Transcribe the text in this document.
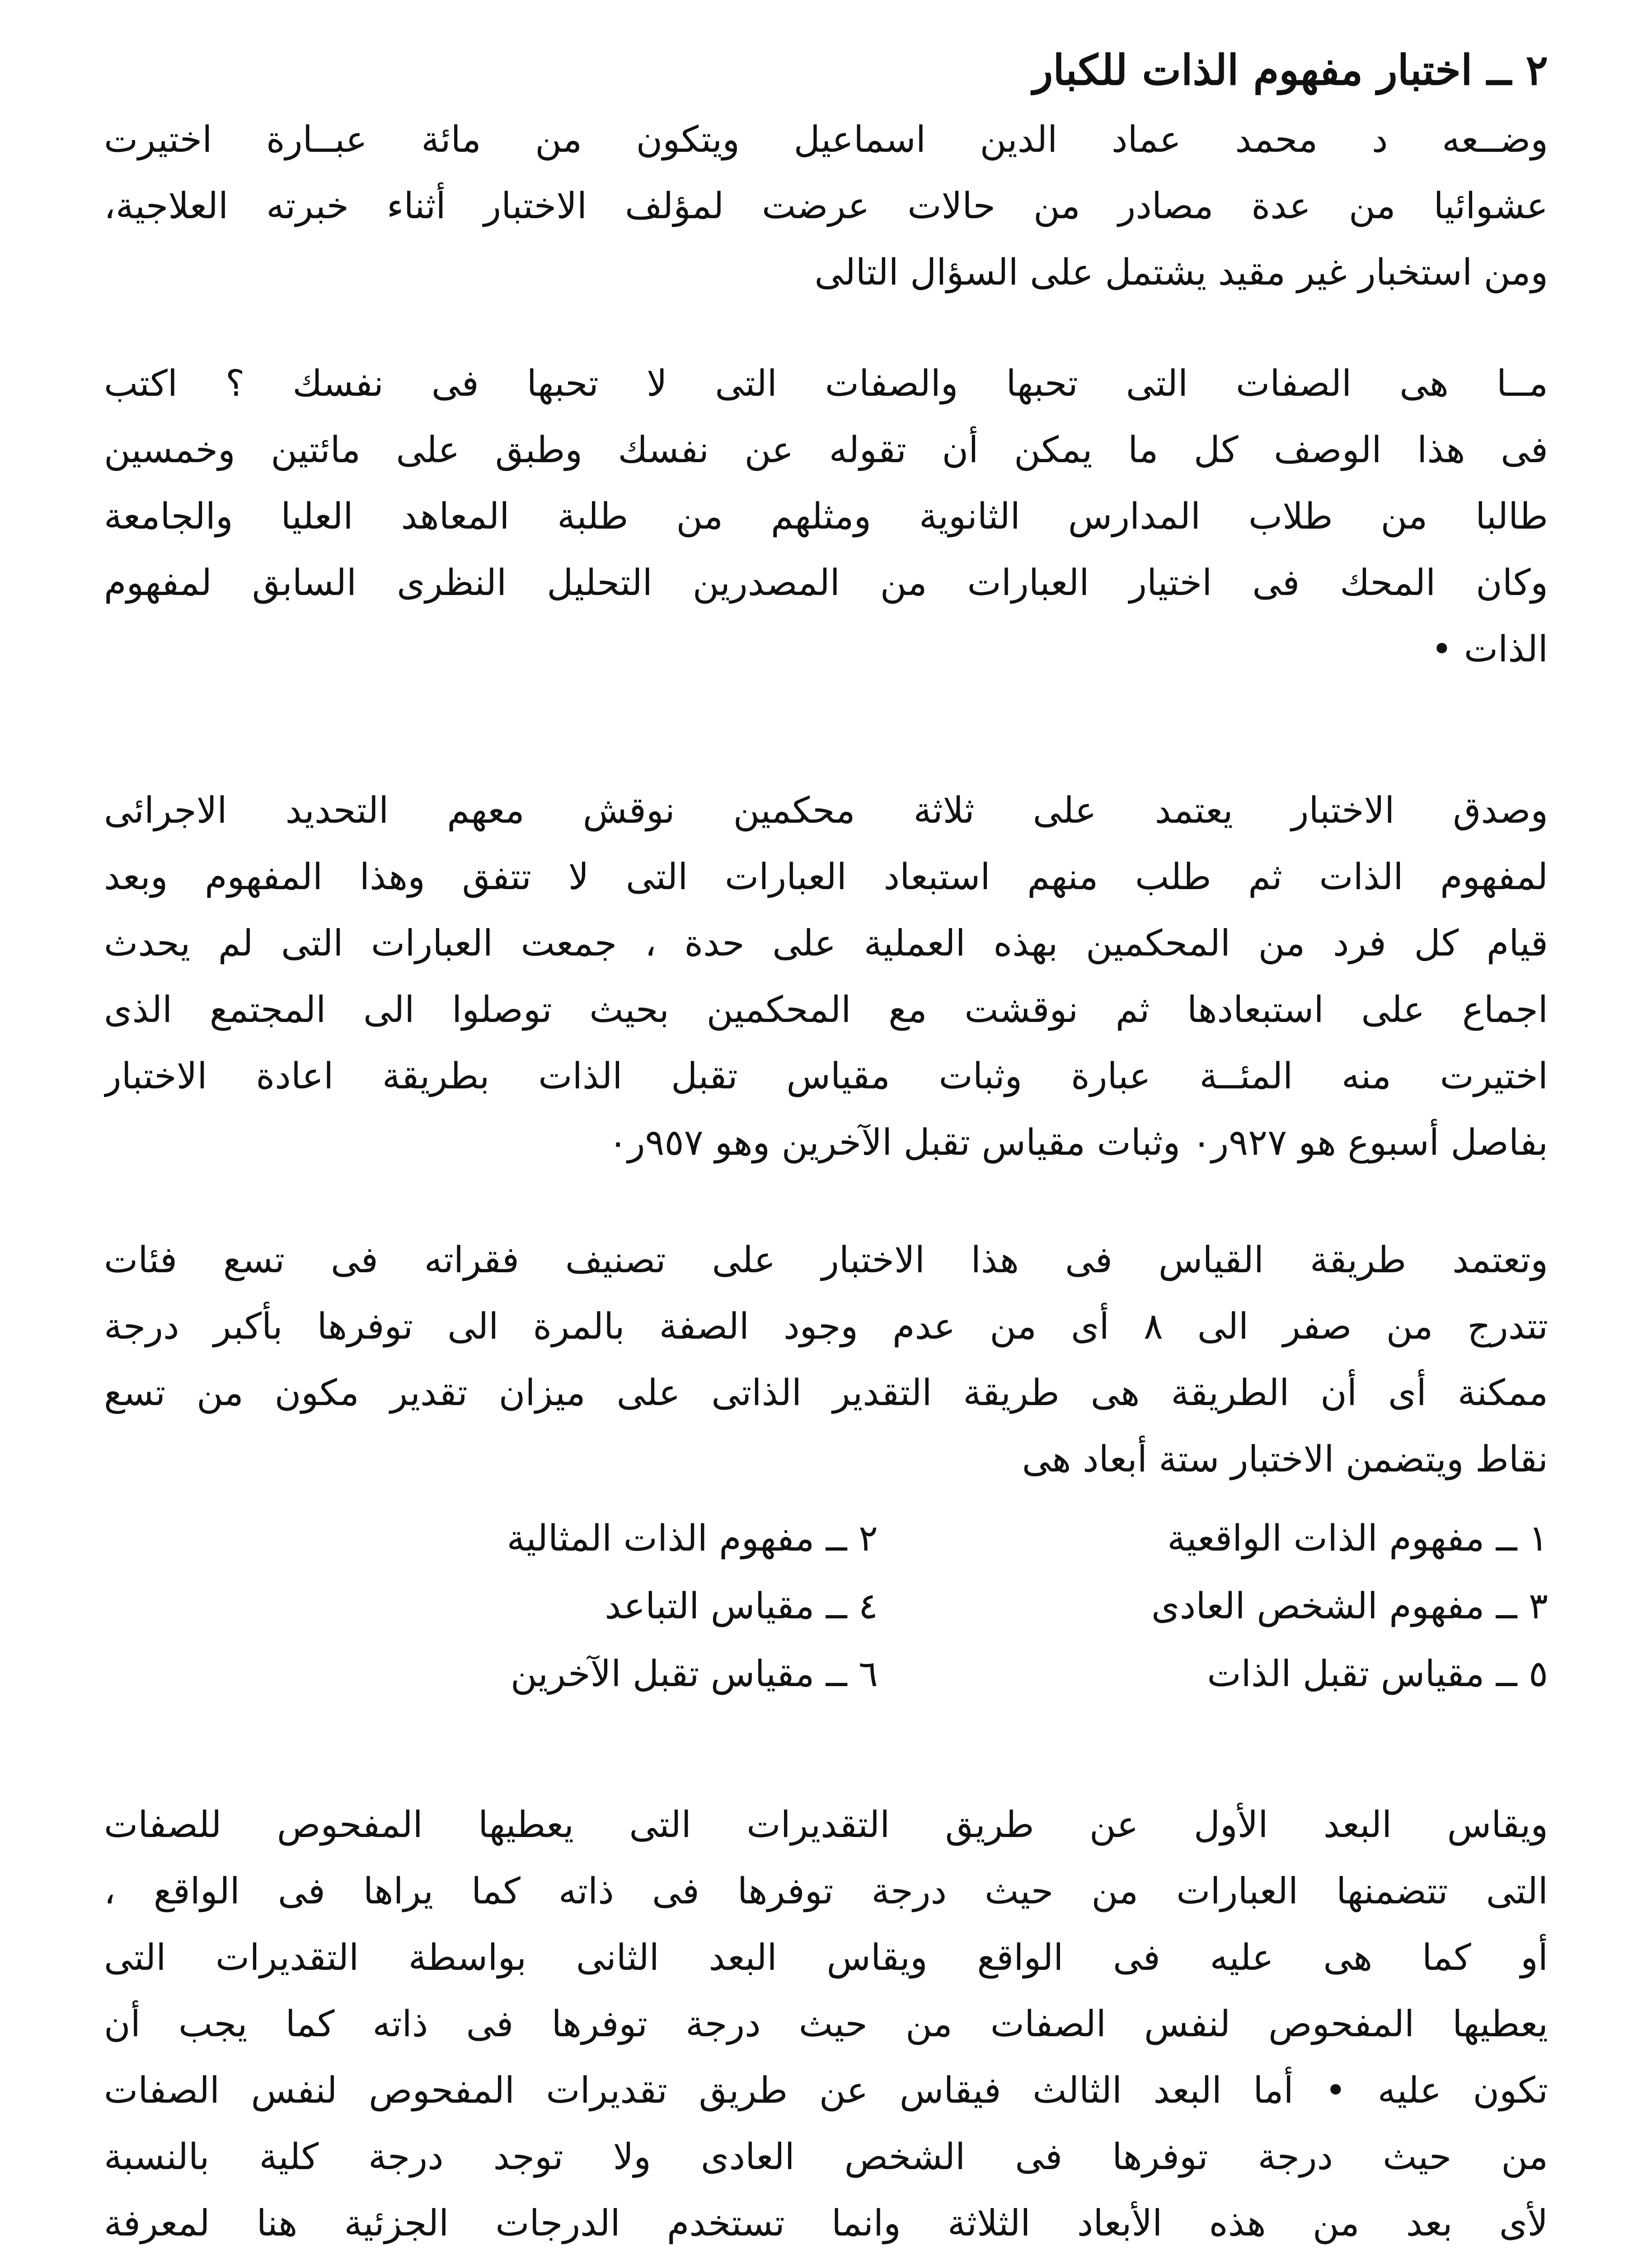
٢ ــ اختبار مفهوم الذات للكبار
وضــعه د محمد عماد الدين اسماعيل ويتكون من مائة عبــارة اختيرت
عشوائيا من عدة مصادر من حالات عرضت لمؤلف الاختبار أثناء خبرته العلاجية،
ومن استخبار غير مقيد يشتمل على السؤال التالى
مــا هى الصفات التى تحبها والصفات التى لا تحبها فى نفسك ؟ اكتب
فى هذا الوصف كل ما يمكن أن تقوله عن نفسك وطبق على مائتين وخمسين
طالبا من طلاب المدارس الثانوية ومثلهم من طلبة المعاهد العليا والجامعة
وكان المحك فى اختيار العبارات من المصدرين التحليل النظرى السابق لمفهوم
الذات •
وصدق الاختبار يعتمد على ثلاثة محكمين نوقش معهم التحديد الاجرائى
لمفهوم الذات ثم طلب منهم استبعاد العبارات التى لا تتفق وهذا المفهوم وبعد
قيام كل فرد من المحكمين بهذه العملية على حدة ، جمعت العبارات التى لم يحدث
اجماع على استبعادها ثم نوقشت مع المحكمين بحيث توصلوا الى المجتمع الذى
اختيرت منه المئــة عبارة وثبات مقياس تقبل الذات بطريقة اعادة الاختبار
بفاصل أسبوع هو ٩٢٧ر٠ وثبات مقياس تقبل الآخرين وهو ٩٥٧ر٠
وتعتمد طريقة القياس فى هذا الاختبار على تصنيف فقراته فى تسع فئات
تتدرج من صفر الى ٨ أى من عدم وجود الصفة بالمرة الى توفرها بأكبر درجة
ممكنة أى أن الطريقة هى طريقة التقدير الذاتى على ميزان تقدير مكون من تسع
نقاط ويتضمن الاختبار ستة أبعاد هى
١ ــ مفهوم الذات الواقعية
٢ ــ مفهوم الذات المثالية
٣ ــ مفهوم الشخص العادى
٤ ــ مقياس التباعد
٥ ــ مقياس تقبل الذات
٦ ــ مقياس تقبل الآخرين
ويقاس البعد الأول عن طريق التقديرات التى يعطيها المفحوص للصفات
التى تتضمنها العبارات من حيث درجة توفرها فى ذاته كما يراها فى الواقع ،
أو كما هى عليه فى الواقع ويقاس البعد الثانى بواسطة التقديرات التى
يعطيها المفحوص لنفس الصفات من حيث درجة توفرها فى ذاته كما يجب أن
تكون عليه • أما البعد الثالث فيقاس عن طريق تقديرات المفحوص لنفس الصفات
من حيث درجة توفرها فى الشخص العادى ولا توجد درجة كلية بالنسبة
لأى بعد من هذه الأبعاد الثلاثة وانما تستخدم الدرجات الجزئية هنا لمعرفة
